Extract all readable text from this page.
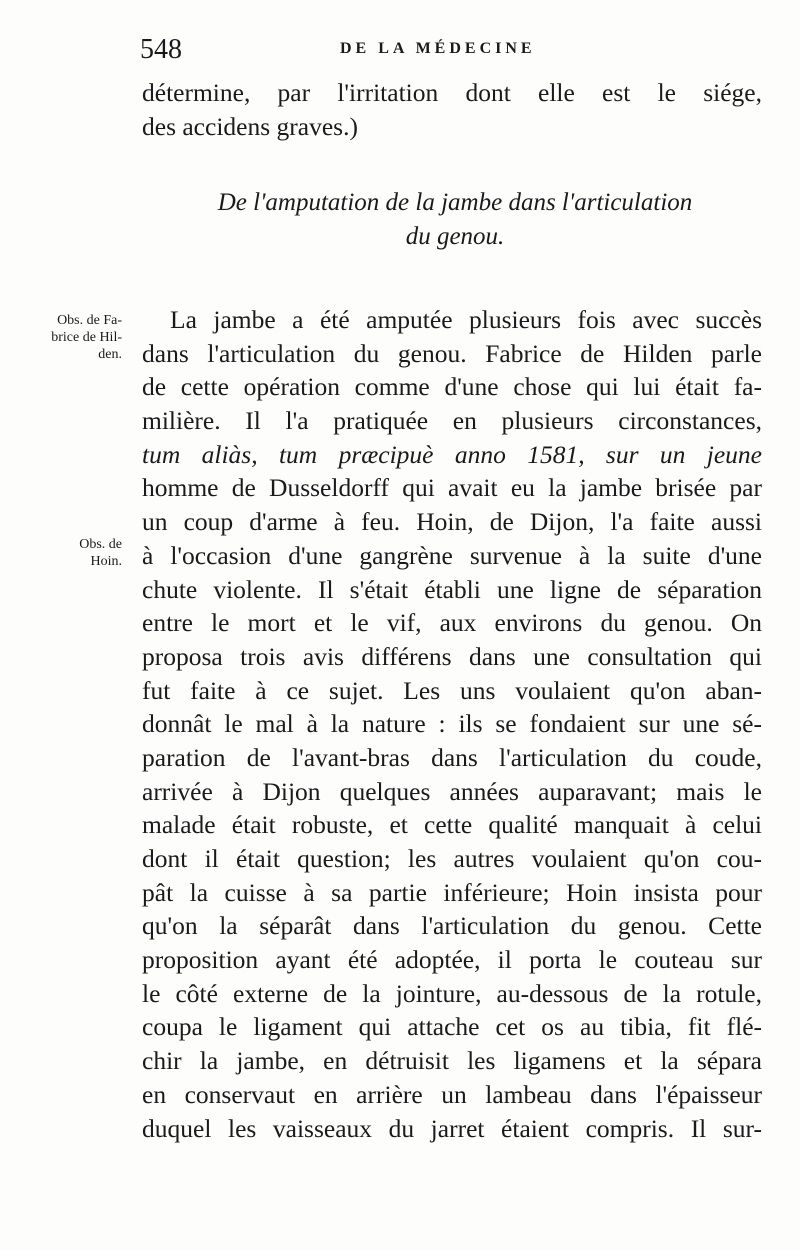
548	DE LA MÉDECINE
détermine, par l'irritation dont elle est le siége,
des accidens graves.)
De l'amputation de la jambe dans l'articulation
du genou.
Obs. de Fa-
brice de Hil-
den.
Obs. de
Hoin.
La jambe a été amputée plusieurs fois avec succès
dans l'articulation du genou. Fabrice de Hilden parle
de cette opération comme d'une chose qui lui était fa-
milière. Il l'a pratiquée en plusieurs circonstances,
tum aliàs, tum præcipuè anno 1581, sur un jeune
homme de Dusseldorff qui avait eu la jambe brisée par
un coup d'arme à feu. Hoin, de Dijon, l'a faite aussi
à l'occasion d'une gangrène survenue à la suite d'une
chute violente. Il s'était établi une ligne de séparation
entre le mort et le vif, aux environs du genou. On
proposa trois avis différens dans une consultation qui
fut faite à ce sujet. Les uns voulaient qu'on aban-
donnât le mal à la nature : ils se fondaient sur une sé-
paration de l'avant-bras dans l'articulation du coude,
arrivée à Dijon quelques années auparavant; mais le
malade était robuste, et cette qualité manquait à celui
dont il était question; les autres voulaient qu'on cou-
pât la cuisse à sa partie inférieure; Hoin insista pour
qu'on la séparât dans l'articulation du genou. Cette
proposition ayant été adoptée, il porta le couteau sur
le côté externe de la jointure, au-dessous de la rotule,
coupa le ligament qui attache cet os au tibia, fit flé-
chir la jambe, en détruisit les ligamens et la sépara
en conservaut en arrière un lambeau dans l'épaisseur
duquel les vaisseaux du jarret étaient compris. Il sur-
